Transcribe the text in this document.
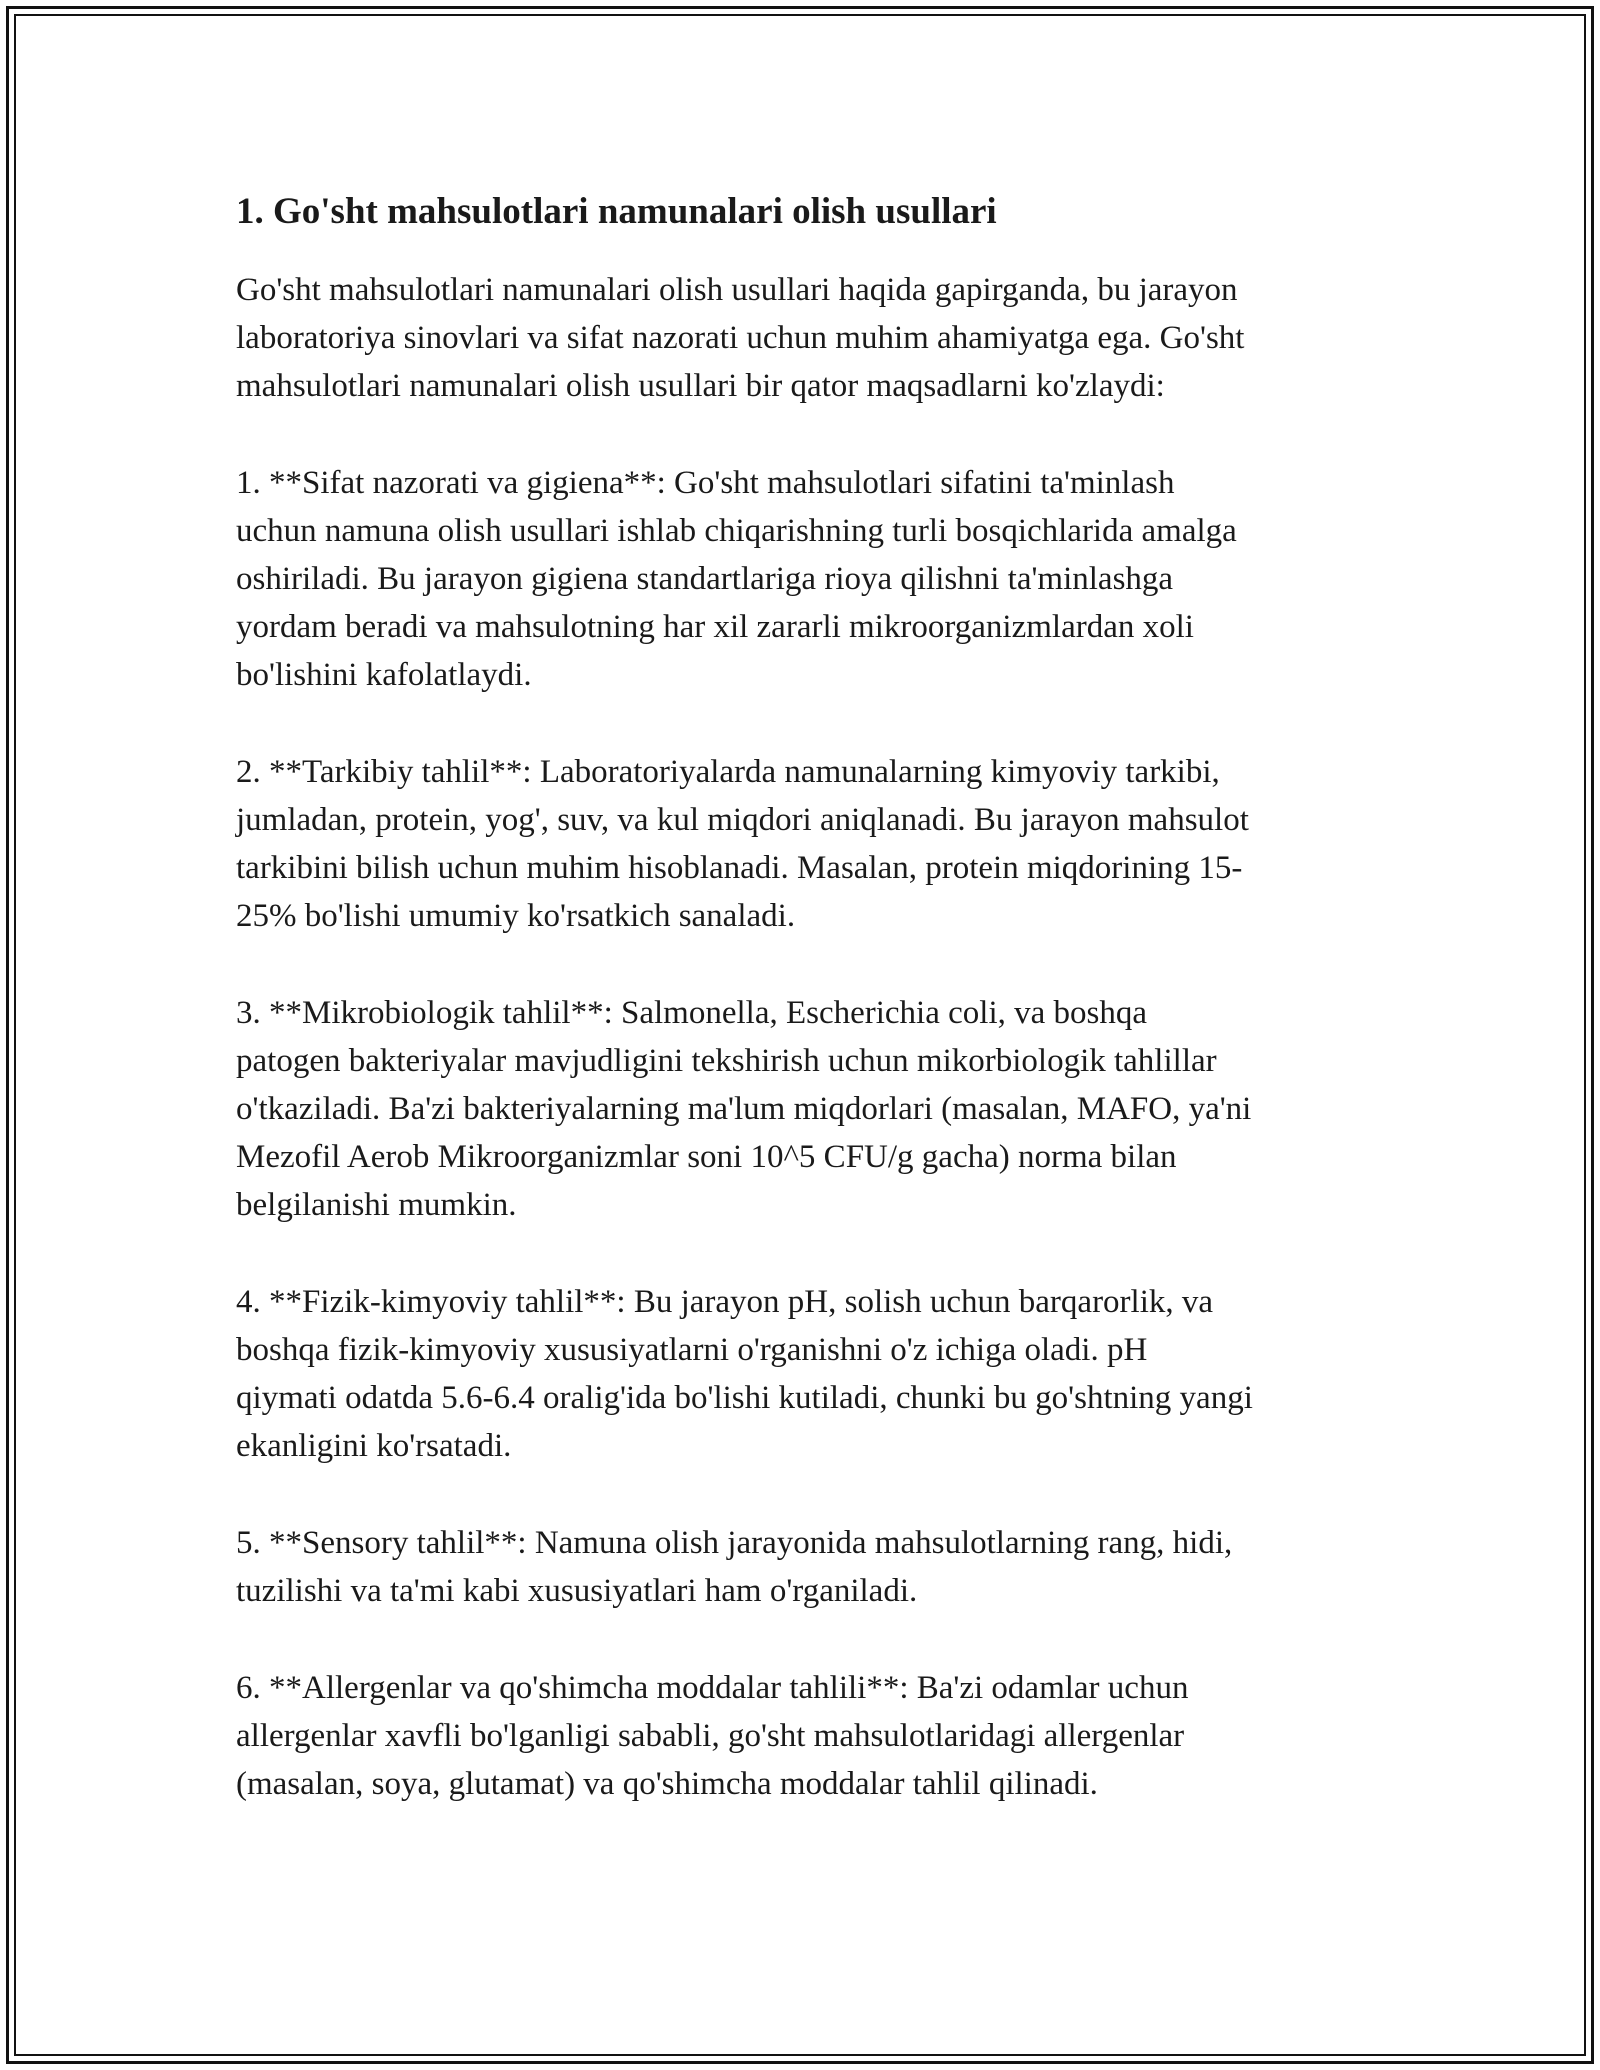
1. Go'sht mahsulotlari namunalari olish usullari

Go'sht mahsulotlari namunalari olish usullari haqida gapirganda, bu jarayon
laboratoriya sinovlari va sifat nazorati uchun muhim ahamiyatga ega. Go'sht
mahsulotlari namunalari olish usullari bir qator maqsadlarni ko'zlaydi:

1. **Sifat nazorati va gigiena**: Go'sht mahsulotlari sifatini ta'minlash
uchun namuna olish usullari ishlab chiqarishning turli bosqichlarida amalga
oshiriladi. Bu jarayon gigiena standartlariga rioya qilishni ta'minlashga
yordam beradi va mahsulotning har xil zararli mikroorganizmlardan xoli
bo'lishini kafolatlaydi.

2. **Tarkibiy tahlil**: Laboratoriyalarda namunalarning kimyoviy tarkibi,
jumladan, protein, yog', suv, va kul miqdori aniqlanadi. Bu jarayon mahsulot
tarkibini bilish uchun muhim hisoblanadi. Masalan, protein miqdorining 15-
25% bo'lishi umumiy ko'rsatkich sanaladi.

3. **Mikrobiologik tahlil**: Salmonella, Escherichia coli, va boshqa
patogen bakteriyalar mavjudligini tekshirish uchun mikorbiologik tahlillar
o'tkaziladi. Ba'zi bakteriyalarning ma'lum miqdorlari (masalan, MAFO, ya'ni
Mezofil Aerob Mikroorganizmlar soni 10^5 CFU/g gacha) norma bilan
belgilanishi mumkin.

4. **Fizik-kimyoviy tahlil**: Bu jarayon pH, solish uchun barqarorlik, va
boshqa fizik-kimyoviy xususiyatlarni o'rganishni o'z ichiga oladi. pH
qiymati odatda 5.6-6.4 oralig'ida bo'lishi kutiladi, chunki bu go'shtning yangi
ekanligini ko'rsatadi.

5. **Sensory tahlil**: Namuna olish jarayonida mahsulotlarning rang, hidi,
tuzilishi va ta'mi kabi xususiyatlari ham o'rganiladi.

6. **Allergenlar va qo'shimcha moddalar tahlili**: Ba'zi odamlar uchun
allergenlar xavfli bo'lganligi sababli, go'sht mahsulotlaridagi allergenlar
(masalan, soya, glutamat) va qo'shimcha moddalar tahlil qilinadi.
